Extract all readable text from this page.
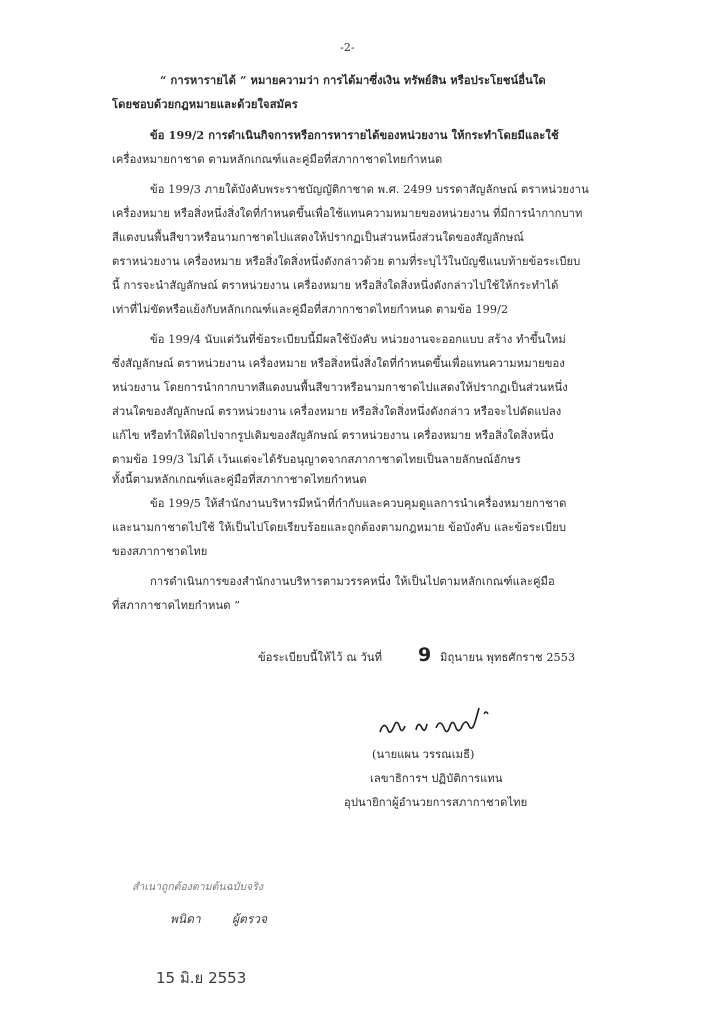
-2-

“ การหารายได้ ” หมายความว่า การได้มาซึ่งเงิน ทรัพย์สิน หรือประโยชน์อื่นใด

โดยชอบด้วยกฎหมายและด้วยใจสมัคร

ข้อ 199/2 การดำเนินกิจการหรือการหารายได้ของหน่วยงาน ให้กระทำโดยมีและใช้

เครื่องหมายกาชาด ตามหลักเกณฑ์และคู่มือที่สภากาชาดไทยกำหนด

ข้อ 199/3 ภายใต้บังคับพระราชบัญญัติกาชาด พ.ศ. 2499 บรรดาสัญลักษณ์ ตราหน่วยงาน

เครื่องหมาย หรือสิ่งหนึ่งสิ่งใดที่กำหนดขึ้นเพื่อใช้แทนความหมายของหน่วยงาน ที่มีการนำกากบาท

สีแดงบนพื้นสีขาวหรือนามกาชาดไปแสดงให้ปรากฏเป็นส่วนหนึ่งส่วนใดของสัญลักษณ์

ตราหน่วยงาน เครื่องหมาย หรือสิ่งใดสิ่งหนึ่งดังกล่าวด้วย ตามที่ระบุไว้ในบัญชีแนบท้ายข้อระเบียบ

นี้ การจะนำสัญลักษณ์ ตราหน่วยงาน เครื่องหมาย หรือสิ่งใดสิ่งหนึ่งดังกล่าวไปใช้ให้กระทำได้

เท่าที่ไม่ขัดหรือแย้งกับหลักเกณฑ์และคู่มือที่สภากาชาดไทยกำหนด ตามข้อ 199/2

ข้อ 199/4 นับแต่วันที่ข้อระเบียบนี้มีผลใช้บังคับ หน่วยงานจะออกแบบ สร้าง ทำขึ้นใหม่

ซึ่งสัญลักษณ์ ตราหน่วยงาน เครื่องหมาย หรือสิ่งหนึ่งสิ่งใดที่กำหนดขึ้นเพื่อแทนความหมายของ

หน่วยงาน โดยการนำกากบาทสีแดงบนพื้นสีขาวหรือนามกาชาดไปแสดงให้ปรากฏเป็นส่วนหนึ่ง

ส่วนใดของสัญลักษณ์ ตราหน่วยงาน เครื่องหมาย หรือสิ่งใดสิ่งหนึ่งดังกล่าว หรือจะไปดัดแปลง

แก้ไข หรือทำให้ผิดไปจากรูปเดิมของสัญลักษณ์ ตราหน่วยงาน เครื่องหมาย หรือสิ่งใดสิ่งหนึ่ง

ตามข้อ 199/3 ไม่ได้ เว้นแต่จะได้รับอนุญาตจากสภากาชาดไทยเป็นลายลักษณ์อักษร

ทั้งนี้ตามหลักเกณฑ์และคู่มือที่สภากาชาดไทยกำหนด

ข้อ 199/5 ให้สำนักงานบริหารมีหน้าที่กำกับและควบคุมดูแลการนำเครื่องหมายกาชาด

และนามกาชาดไปใช้ ให้เป็นไปโดยเรียบร้อยและถูกต้องตามกฎหมาย ข้อบังคับ และข้อระเบียบ

ของสภากาชาดไทย

การดำเนินการของสำนักงานบริหารตามวรรคหนึ่ง ให้เป็นไปตามหลักเกณฑ์และคู่มือ

ที่สภากาชาดไทยกำหนด ”

ข้อระเบียบนี้ให้ไว้ ณ วันที่ 9 มิถุนายน พุทธศักราช 2553

(นายแผน วรรณเมธี)

เลขาธิการฯ ปฏิบัติการแทน

อุปนายิกาผู้อำนวยการสภากาชาดไทย

สำเนาถูกต้องตามต้นฉบับจริง
พนิดา	ผู้ตรวจ
15 มิ.ย 2553
